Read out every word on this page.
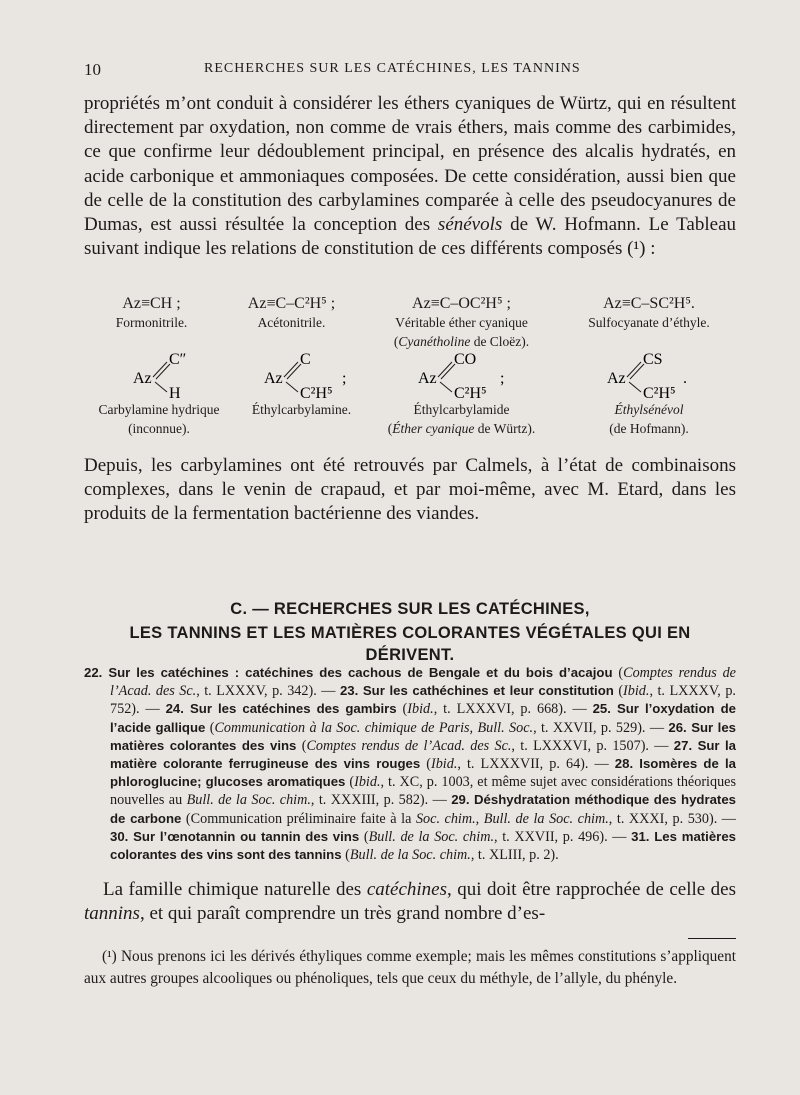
10	RECHERCHES SUR LES CATÉCHINES, LES TANNINS

propriétés m’ont conduit à considérer les éthers cyaniques de Würtz, qui en résultent directement par oxydation, non comme de vrais éthers, mais comme des carbimides, ce que confirme leur dédoublement principal, en présence des alcalis hydratés, en acide carbonique et ammoniaques composées. De cette considération, aussi bien que de celle de la constitution des carbylamines comparée à celle des pseudocyanures de Dumas, est aussi résultée la conception des sénévols de W. Hofmann. Le Tableau suivant indique les relations de constitution de ces différents composés (¹) :

Az≡CH ;
Formonitrile.
Az≡C–C²H⁵ ;
Acétonitrile.
Az≡C–OC²H⁵ ;
Véritable éther cyanique
(Cyanétholine de Cloëz).
Az≡C–SC²H⁵.
Sulfocyanate d’éthyle.
Az
C″
H
Carbylamine hydrique
(inconnue).
Az
C
C²H⁵
;
Éthylcarbylamine.
Az
CO
C²H⁵
;
Éthylcarbylamide
(Éther cyanique de Würtz).
Az
CS
C²H⁵
.
Éthylsénévol
(de Hofmann).

Depuis, les carbylamines ont été retrouvés par Calmels, à l’état de combinaisons complexes, dans le venin de crapaud, et par moi-même, avec M. Etard, dans les produits de la fermentation bactérienne des viandes.

C. — RECHERCHES SUR LES CATÉCHINES,
LES TANNINS ET LES MATIÈRES COLORANTES VÉGÉTALES QUI EN DÉRIVENT.

22. Sur les catéchines : catéchines des cachous de Bengale et du bois d’acajou (Comptes rendus de l’Acad. des Sc., t. LXXXV, p. 342). — 23. Sur les cathéchines et leur constitution (Ibid., t. LXXXV, p. 752). — 24. Sur les catéchines des gambirs (Ibid., t. LXXXVI, p. 668). — 25. Sur l’oxydation de l’acide gallique (Communication à la Soc. chimique de Paris, Bull. Soc., t. XXVII, p. 529). — 26. Sur les matières colorantes des vins (Comptes rendus de l’Acad. des Sc., t. LXXXVI, p. 1507). — 27. Sur la matière colorante ferrugineuse des vins rouges (Ibid., t. LXXXVII, p. 64). — 28. Isomères de la phloroglucine; glucoses aromatiques (Ibid., t. XC, p. 1003, et même sujet avec considérations théoriques nouvelles au Bull. de la Soc. chim., t. XXXIII, p. 582). — 29. Déshydratation méthodique des hydrates de carbone (Communication préliminaire faite à la Soc. chim., Bull. de la Soc. chim., t. XXXI, p. 530). — 30. Sur l’œnotannin ou tannin des vins (Bull. de la Soc. chim., t. XXVII, p. 496). — 31. Les matières colorantes des vins sont des tannins (Bull. de la Soc. chim., t. XLIII, p. 2).

 La famille chimique naturelle des catéchines, qui doit être rapprochée de celle des tannins, et qui paraît comprendre un très grand nombre d’es-

(¹) Nous prenons ici les dérivés éthyliques comme exemple; mais les mêmes constitutions s’appliquent aux autres groupes alcooliques ou phénoliques, tels que ceux du méthyle, de l’allyle, du phényle.
